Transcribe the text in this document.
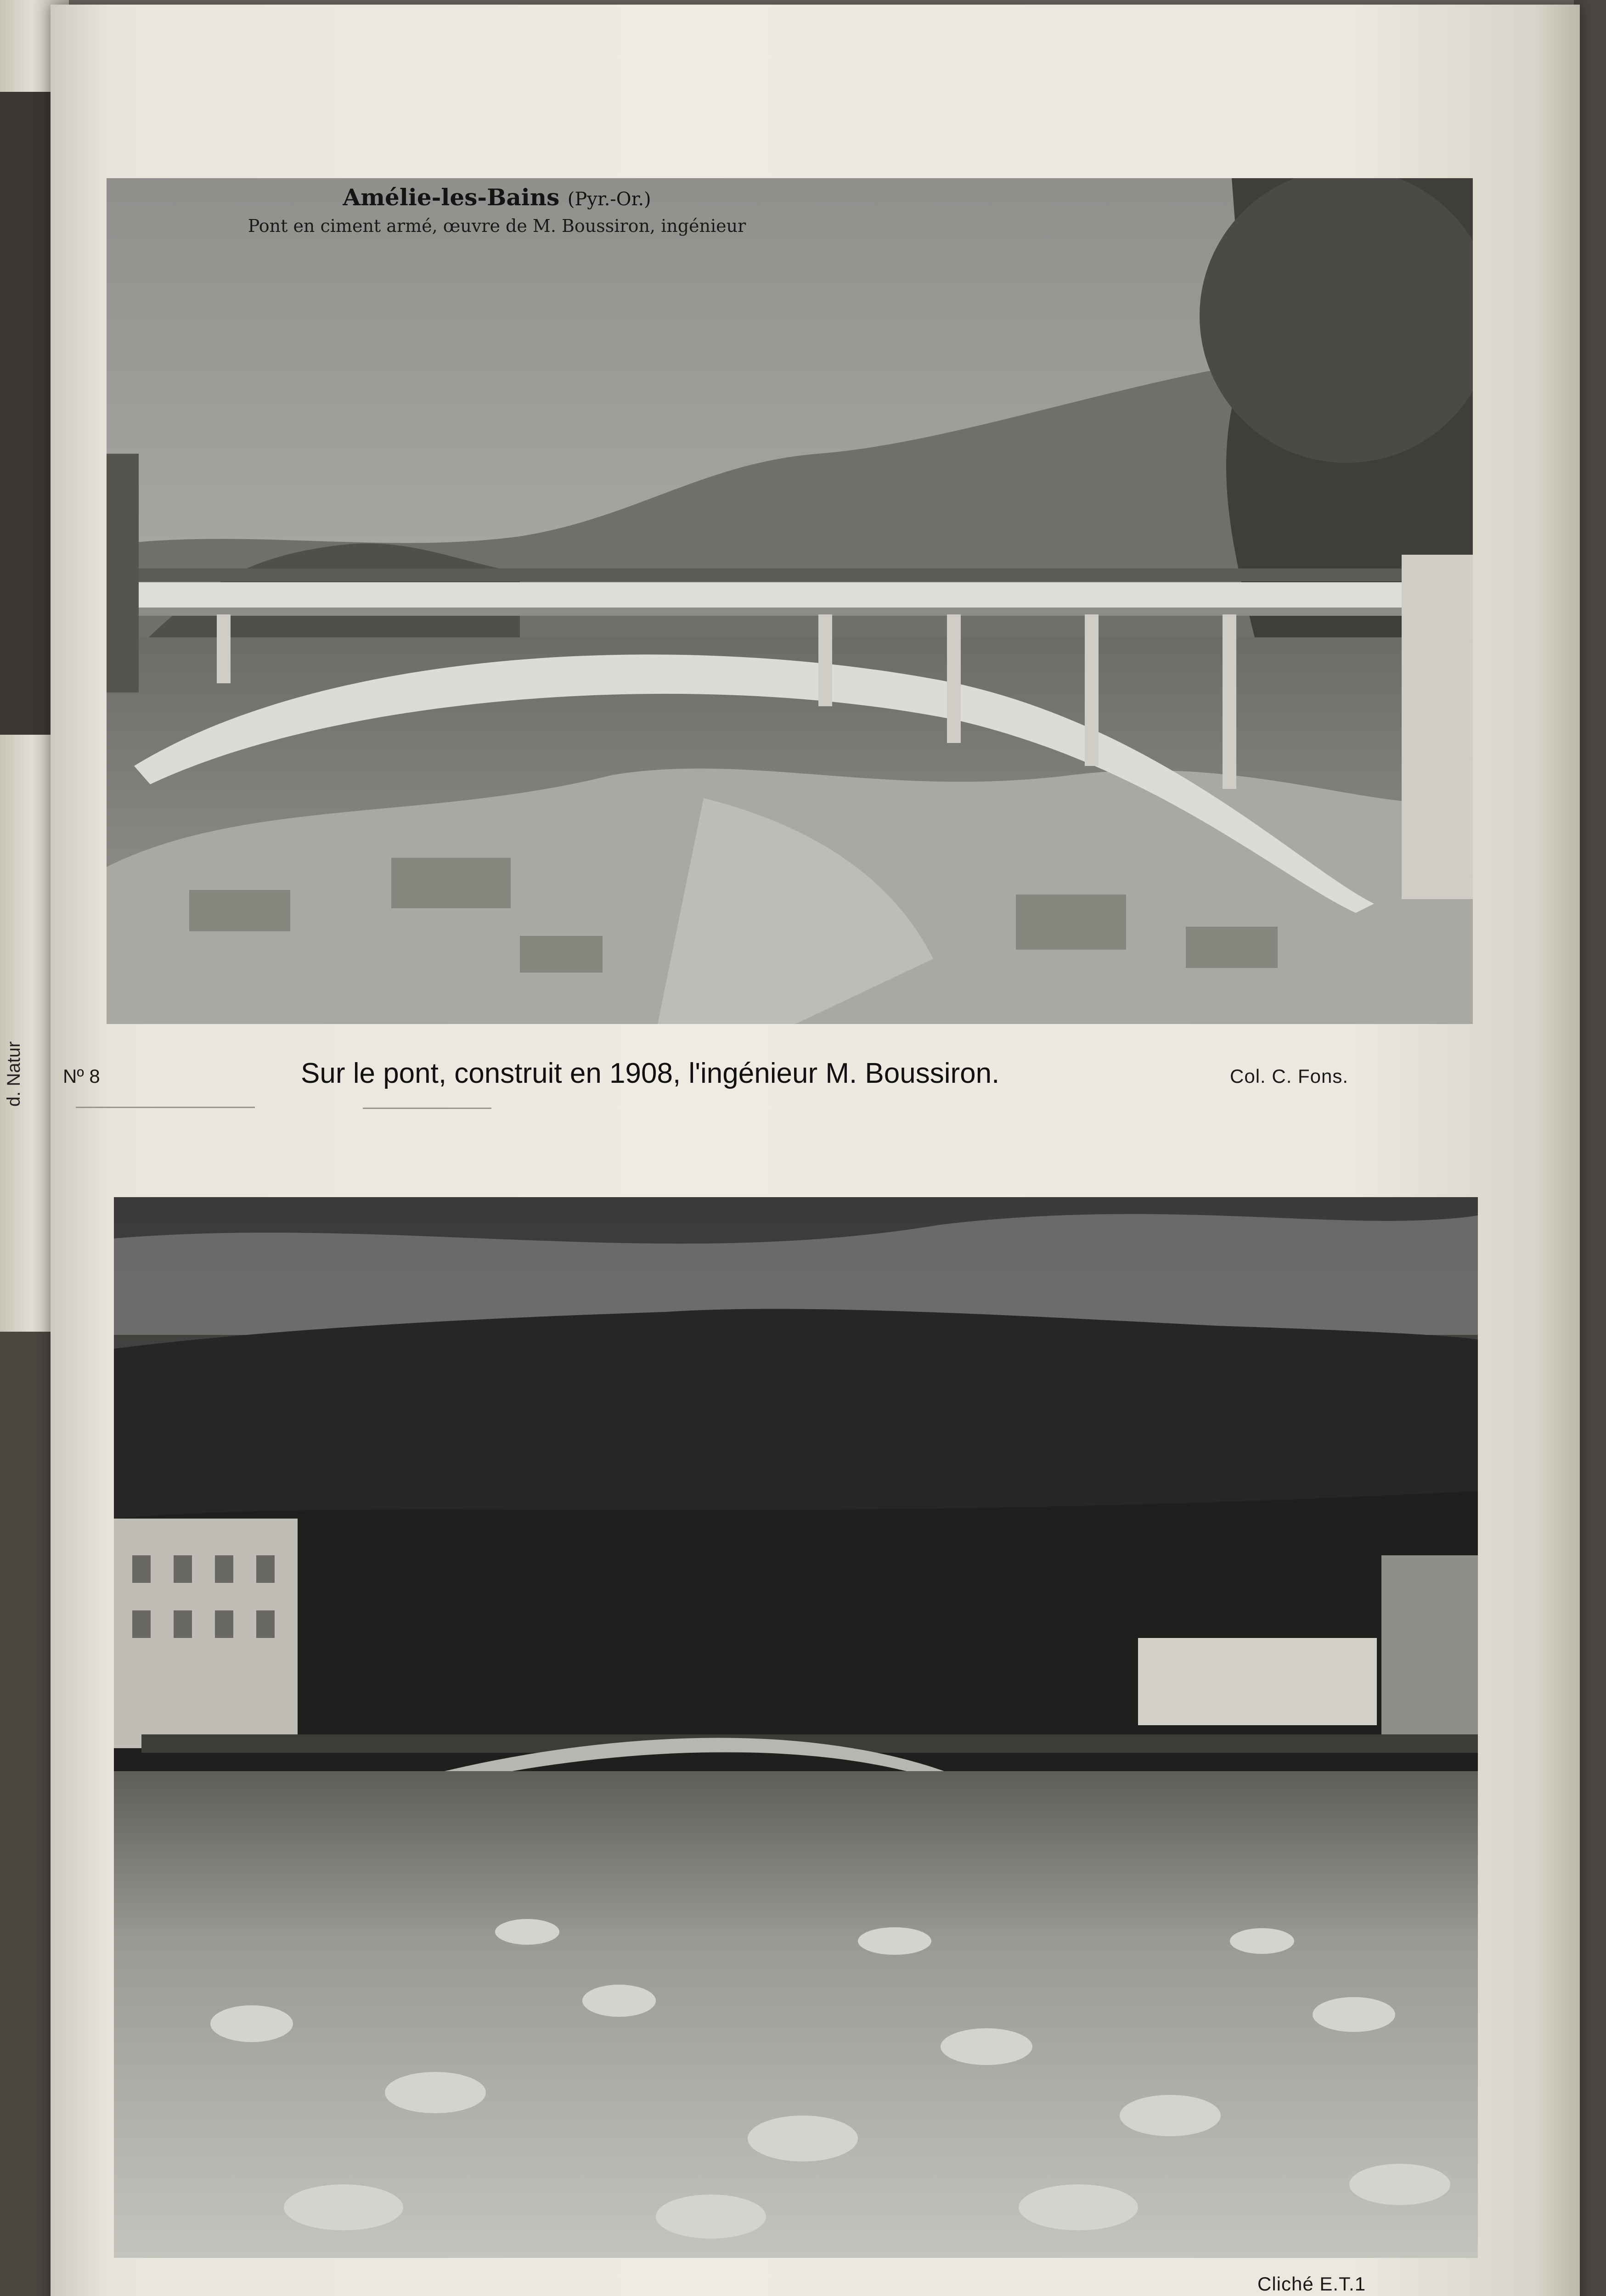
d. Natur
Amélie-les-Bains (Pyr.-Or.)
Pont en ciment armé, œuvre de M. Boussiron, ingénieur
Nº 8	Sur le pont, construit en 1908, l'ingénieur M. Boussiron.	Col. C. Fons.
Cliché E.T.1
